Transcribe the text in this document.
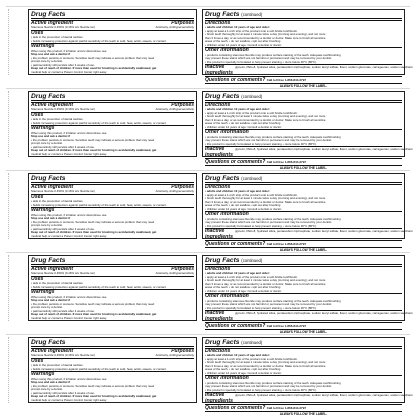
Drug Facts
Active ingredient	Purposes
Stannous fluoride 0.454% (0.16% w/v fluoride ion)	Anticavity, Antihypersensitivity
Uses
• aids in the prevention of dental cavities.
• builds increasing protection against painful sensitivity of the teeth to cold, heat, acids, sweets, or contact.
Warnings
When using this product, if irritation occurs discontinue use.
Stop use and ask a dentist if
• the problem persists or worsens. Sensitive teeth may indicate a serious problem that may need
prompt care by a dentist.
• pain/sensitivity still persists after 4 weeks of use.
Keep out of reach of children. If more than used for brushing is accidentally swallowed, get
medical help or contact a Poison Control Center right away.
Drug Facts (continued)
Directions
• adults and children 12 years of age and older:
• apply at least a 1-inch strip of the product onto a soft bristle toothbrush.
• brush teeth thoroughly for at least 1 minute twice a day (morning and evening), and not more
than 3 times a day, or as recommended by a dentist or doctor. Make sure to brush all sensitive
areas of the teeth. • do not swallow • spit out after brushing
• children under 12 years of age: Consult a dentist or doctor.
Other information
• products containing stannous fluoride may produce surface staining of the teeth. Adequate toothbrushing
may prevent these stains which are not harmful or permanent and may be removed by your dentist.
• this product is specially formulated to help prevent staining. • store below 30°C (86°F).
Inactive ingredients
glycerin, PEG-8, hydrated silica, pentasodium triphosphate, sodium lauryl sulfate, flavor, sodium gluconate, carrageenan, sodium saccharin
Questions or comments? Call toll free 1-866-844-2797
ALWAYS FOLLOW THE LABEL.
Drug Facts
Active ingredient	Purposes
Stannous fluoride 0.454% (0.16% w/v fluoride ion)	Anticavity, Antihypersensitivity
Uses
• aids in the prevention of dental cavities.
• builds increasing protection against painful sensitivity of the teeth to cold, heat, acids, sweets, or contact.
Warnings
When using this product, if irritation occurs discontinue use.
Stop use and ask a dentist if
• the problem persists or worsens. Sensitive teeth may indicate a serious problem that may need
prompt care by a dentist.
• pain/sensitivity still persists after 4 weeks of use.
Keep out of reach of children. If more than used for brushing is accidentally swallowed, get
medical help or contact a Poison Control Center right away.
Drug Facts (continued)
Directions
• adults and children 12 years of age and older:
• apply at least a 1-inch strip of the product onto a soft bristle toothbrush.
• brush teeth thoroughly for at least 1 minute twice a day (morning and evening), and not more
than 3 times a day, or as recommended by a dentist or doctor. Make sure to brush all sensitive
areas of the teeth. • do not swallow • spit out after brushing
• children under 12 years of age: Consult a dentist or doctor.
Other information
• products containing stannous fluoride may produce surface staining of the teeth. Adequate toothbrushing
may prevent these stains which are not harmful or permanent and may be removed by your dentist.
• this product is specially formulated to help prevent staining. • store below 30°C (86°F).
Inactive ingredients
glycerin, PEG-8, hydrated silica, pentasodium triphosphate, sodium lauryl sulfate, flavor, sodium gluconate, carrageenan, sodium saccharin
Questions or comments? Call toll free 1-866-844-2797
ALWAYS FOLLOW THE LABEL.
Drug Facts
Active ingredient	Purposes
Stannous fluoride 0.454% (0.16% w/v fluoride ion)	Anticavity, Antihypersensitivity
Uses
• aids in the prevention of dental cavities.
• builds increasing protection against painful sensitivity of the teeth to cold, heat, acids, sweets, or contact.
Warnings
When using this product, if irritation occurs discontinue use.
Stop use and ask a dentist if
• the problem persists or worsens. Sensitive teeth may indicate a serious problem that may need
prompt care by a dentist.
• pain/sensitivity still persists after 4 weeks of use.
Keep out of reach of children. If more than used for brushing is accidentally swallowed, get
medical help or contact a Poison Control Center right away.
Drug Facts (continued)
Directions
• adults and children 12 years of age and older:
• apply at least a 1-inch strip of the product onto a soft bristle toothbrush.
• brush teeth thoroughly for at least 1 minute twice a day (morning and evening), and not more
than 3 times a day, or as recommended by a dentist or doctor. Make sure to brush all sensitive
areas of the teeth. • do not swallow • spit out after brushing
• children under 12 years of age: Consult a dentist or doctor.
Other information
• products containing stannous fluoride may produce surface staining of the teeth. Adequate toothbrushing
may prevent these stains which are not harmful or permanent and may be removed by your dentist.
• this product is specially formulated to help prevent staining. • store below 30°C (86°F).
Inactive ingredients
glycerin, PEG-8, hydrated silica, pentasodium triphosphate, sodium lauryl sulfate, flavor, sodium gluconate, carrageenan, sodium saccharin
Questions or comments? Call toll free 1-866-844-2797
ALWAYS FOLLOW THE LABEL.
Drug Facts
Active ingredient	Purposes
Stannous fluoride 0.454% (0.16% w/v fluoride ion)	Anticavity, Antihypersensitivity
Uses
• aids in the prevention of dental cavities.
• builds increasing protection against painful sensitivity of the teeth to cold, heat, acids, sweets, or contact.
Warnings
When using this product, if irritation occurs discontinue use.
Stop use and ask a dentist if
• the problem persists or worsens. Sensitive teeth may indicate a serious problem that may need
prompt care by a dentist.
• pain/sensitivity still persists after 4 weeks of use.
Keep out of reach of children. If more than used for brushing is accidentally swallowed, get
medical help or contact a Poison Control Center right away.
Drug Facts (continued)
Directions
• adults and children 12 years of age and older:
• apply at least a 1-inch strip of the product onto a soft bristle toothbrush.
• brush teeth thoroughly for at least 1 minute twice a day (morning and evening), and not more
than 3 times a day, or as recommended by a dentist or doctor. Make sure to brush all sensitive
areas of the teeth. • do not swallow • spit out after brushing
• children under 12 years of age: Consult a dentist or doctor.
Other information
• products containing stannous fluoride may produce surface staining of the teeth. Adequate toothbrushing
may prevent these stains which are not harmful or permanent and may be removed by your dentist.
• this product is specially formulated to help prevent staining. • store below 30°C (86°F).
Inactive ingredients
glycerin, PEG-8, hydrated silica, pentasodium triphosphate, sodium lauryl sulfate, flavor, sodium gluconate, carrageenan, sodium saccharin
Questions or comments? Call toll free 1-866-844-2797
ALWAYS FOLLOW THE LABEL.
Drug Facts
Active ingredient	Purposes
Stannous fluoride 0.454% (0.16% w/v fluoride ion)	Anticavity, Antihypersensitivity
Uses
• aids in the prevention of dental cavities.
• builds increasing protection against painful sensitivity of the teeth to cold, heat, acids, sweets, or contact.
Warnings
When using this product, if irritation occurs discontinue use.
Stop use and ask a dentist if
• the problem persists or worsens. Sensitive teeth may indicate a serious problem that may need
prompt care by a dentist.
• pain/sensitivity still persists after 4 weeks of use.
Keep out of reach of children. If more than used for brushing is accidentally swallowed, get
medical help or contact a Poison Control Center right away.
Drug Facts (continued)
Directions
• adults and children 12 years of age and older:
• apply at least a 1-inch strip of the product onto a soft bristle toothbrush.
• brush teeth thoroughly for at least 1 minute twice a day (morning and evening), and not more
than 3 times a day, or as recommended by a dentist or doctor. Make sure to brush all sensitive
areas of the teeth. • do not swallow • spit out after brushing
• children under 12 years of age: Consult a dentist or doctor.
Other information
• products containing stannous fluoride may produce surface staining of the teeth. Adequate toothbrushing
may prevent these stains which are not harmful or permanent and may be removed by your dentist.
• this product is specially formulated to help prevent staining. • store below 30°C (86°F).
Inactive ingredients
glycerin, PEG-8, hydrated silica, pentasodium triphosphate, sodium lauryl sulfate, flavor, sodium gluconate, carrageenan, sodium saccharin
Questions or comments? Call toll free 1-866-844-2797
ALWAYS FOLLOW THE LABEL.
